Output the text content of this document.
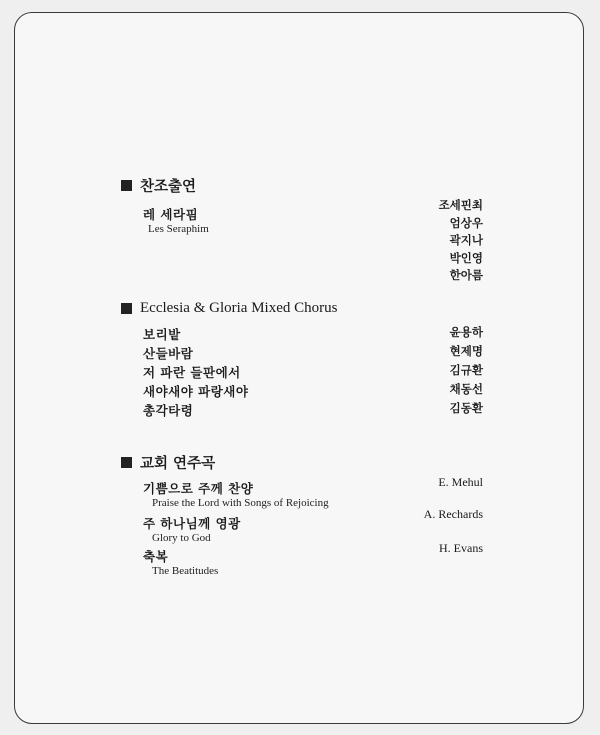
찬조출연
레 세라핌
Les Seraphim
조세핀최
엄상우
곽지나
박인영
한아름
Ecclesia & Gloria Mixed Chorus
보리밭	윤용하
산들바람	현제명
저 파란 들판에서	김규환
새야새야 파랑새야	채동선
총각타령	김동환
교회 연주곡
기쁨으로 주께 찬양
Praise the Lord with Songs of Rejoicing
E. Mehul
주 하나님께 영광
Glory to God
A. Rechards
축복
The Beatitudes
H. Evans
